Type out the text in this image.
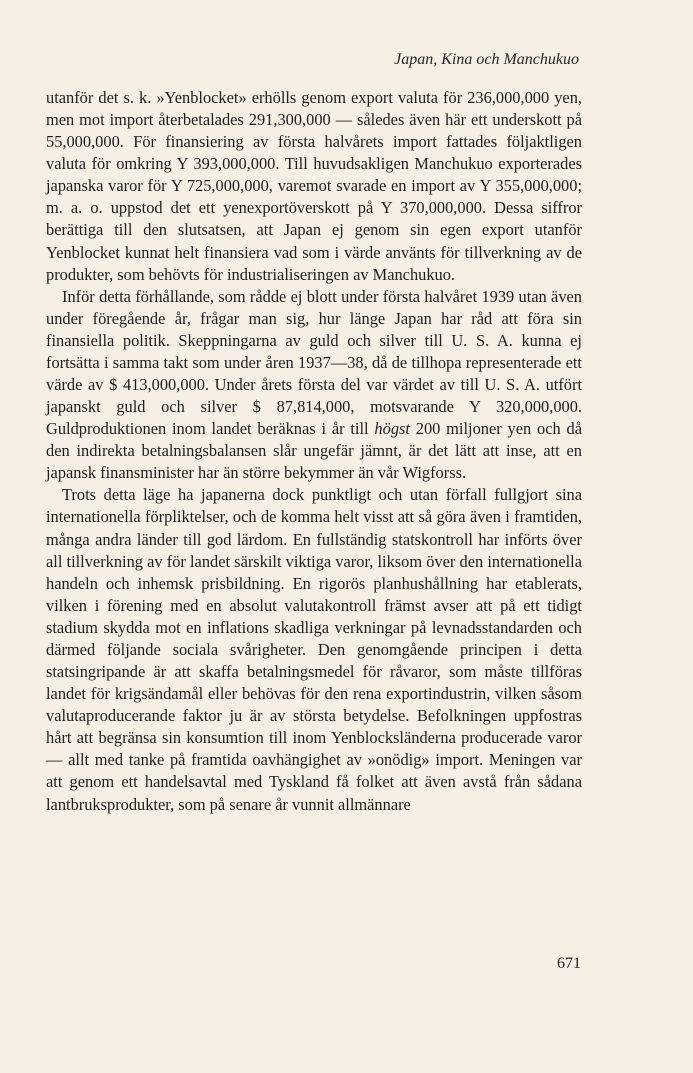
Japan, Kina och Manchukuo

utanför det s. k. »Yenblocket» erhölls genom export valuta för 236,000,000 yen, men mot import återbetalades 291,300,000 — således även här ett underskott på 55,000,000. För finansiering av första halvårets import fattades följaktligen valuta för omkring Y 393,000,000. Till huvudsakligen Manchukuo exporterades japanska varor för Y 725,000,000, varemot svarade en import av Y 355,000,000; m. a. o. uppstod det ett yenexportöverskott på Y 370,000,000. Dessa siffror berättiga till den slutsatsen, att Japan ej genom sin egen export utanför Yenblocket kunnat helt finansiera vad som i värde använts för tillverkning av de produkter, som behövts för industrialiseringen av Manchukuo.

Inför detta förhållande, som rådde ej blott under första halvåret 1939 utan även under föregående år, frågar man sig, hur länge Japan har råd att föra sin finansiella politik. Skeppningarna av guld och silver till U. S. A. kunna ej fortsätta i samma takt som under åren 1937—38, då de tillhopa representerade ett värde av $ 413,000,000. Under årets första del var värdet av till U. S. A. utfört japanskt guld och silver $ 87,814,000, motsvarande Y 320,000,000. Guldproduktionen inom landet beräknas i år till högst 200 miljoner yen och då den indirekta betalningsbalansen slår ungefär jämnt, är det lätt att inse, att en japansk finansminister har än större bekymmer än vår Wigforss.

Trots detta läge ha japanerna dock punktligt och utan förfall fullgjort sina internationella förpliktelser, och de komma helt visst att så göra även i framtiden, många andra länder till god lärdom. En fullständig statskontroll har införts över all tillverkning av för landet särskilt viktiga varor, liksom över den internationella handeln och inhemsk prisbildning. En rigorös planhushållning har etablerats, vilken i förening med en absolut valutakontroll främst avser att på ett tidigt stadium skydda mot en inflations skadliga verkningar på levnadsstandarden och därmed följande sociala svårigheter. Den genomgående principen i detta statsingripande är att skaffa betalningsmedel för råvaror, som måste tillföras landet för krigsändamål eller behövas för den rena exportindustrin, vilken såsom valutaproducerande faktor ju är av största betydelse. Befolkningen uppfostras hårt att begränsa sin konsumtion till inom Yenblocksländerna producerade varor — allt med tanke på framtida oavhängighet av »onödig» import. Meningen var att genom ett handelsavtal med Tyskland få folket att även avstå från sådana lantbruksprodukter, som på senare år vunnit allmännare

671
